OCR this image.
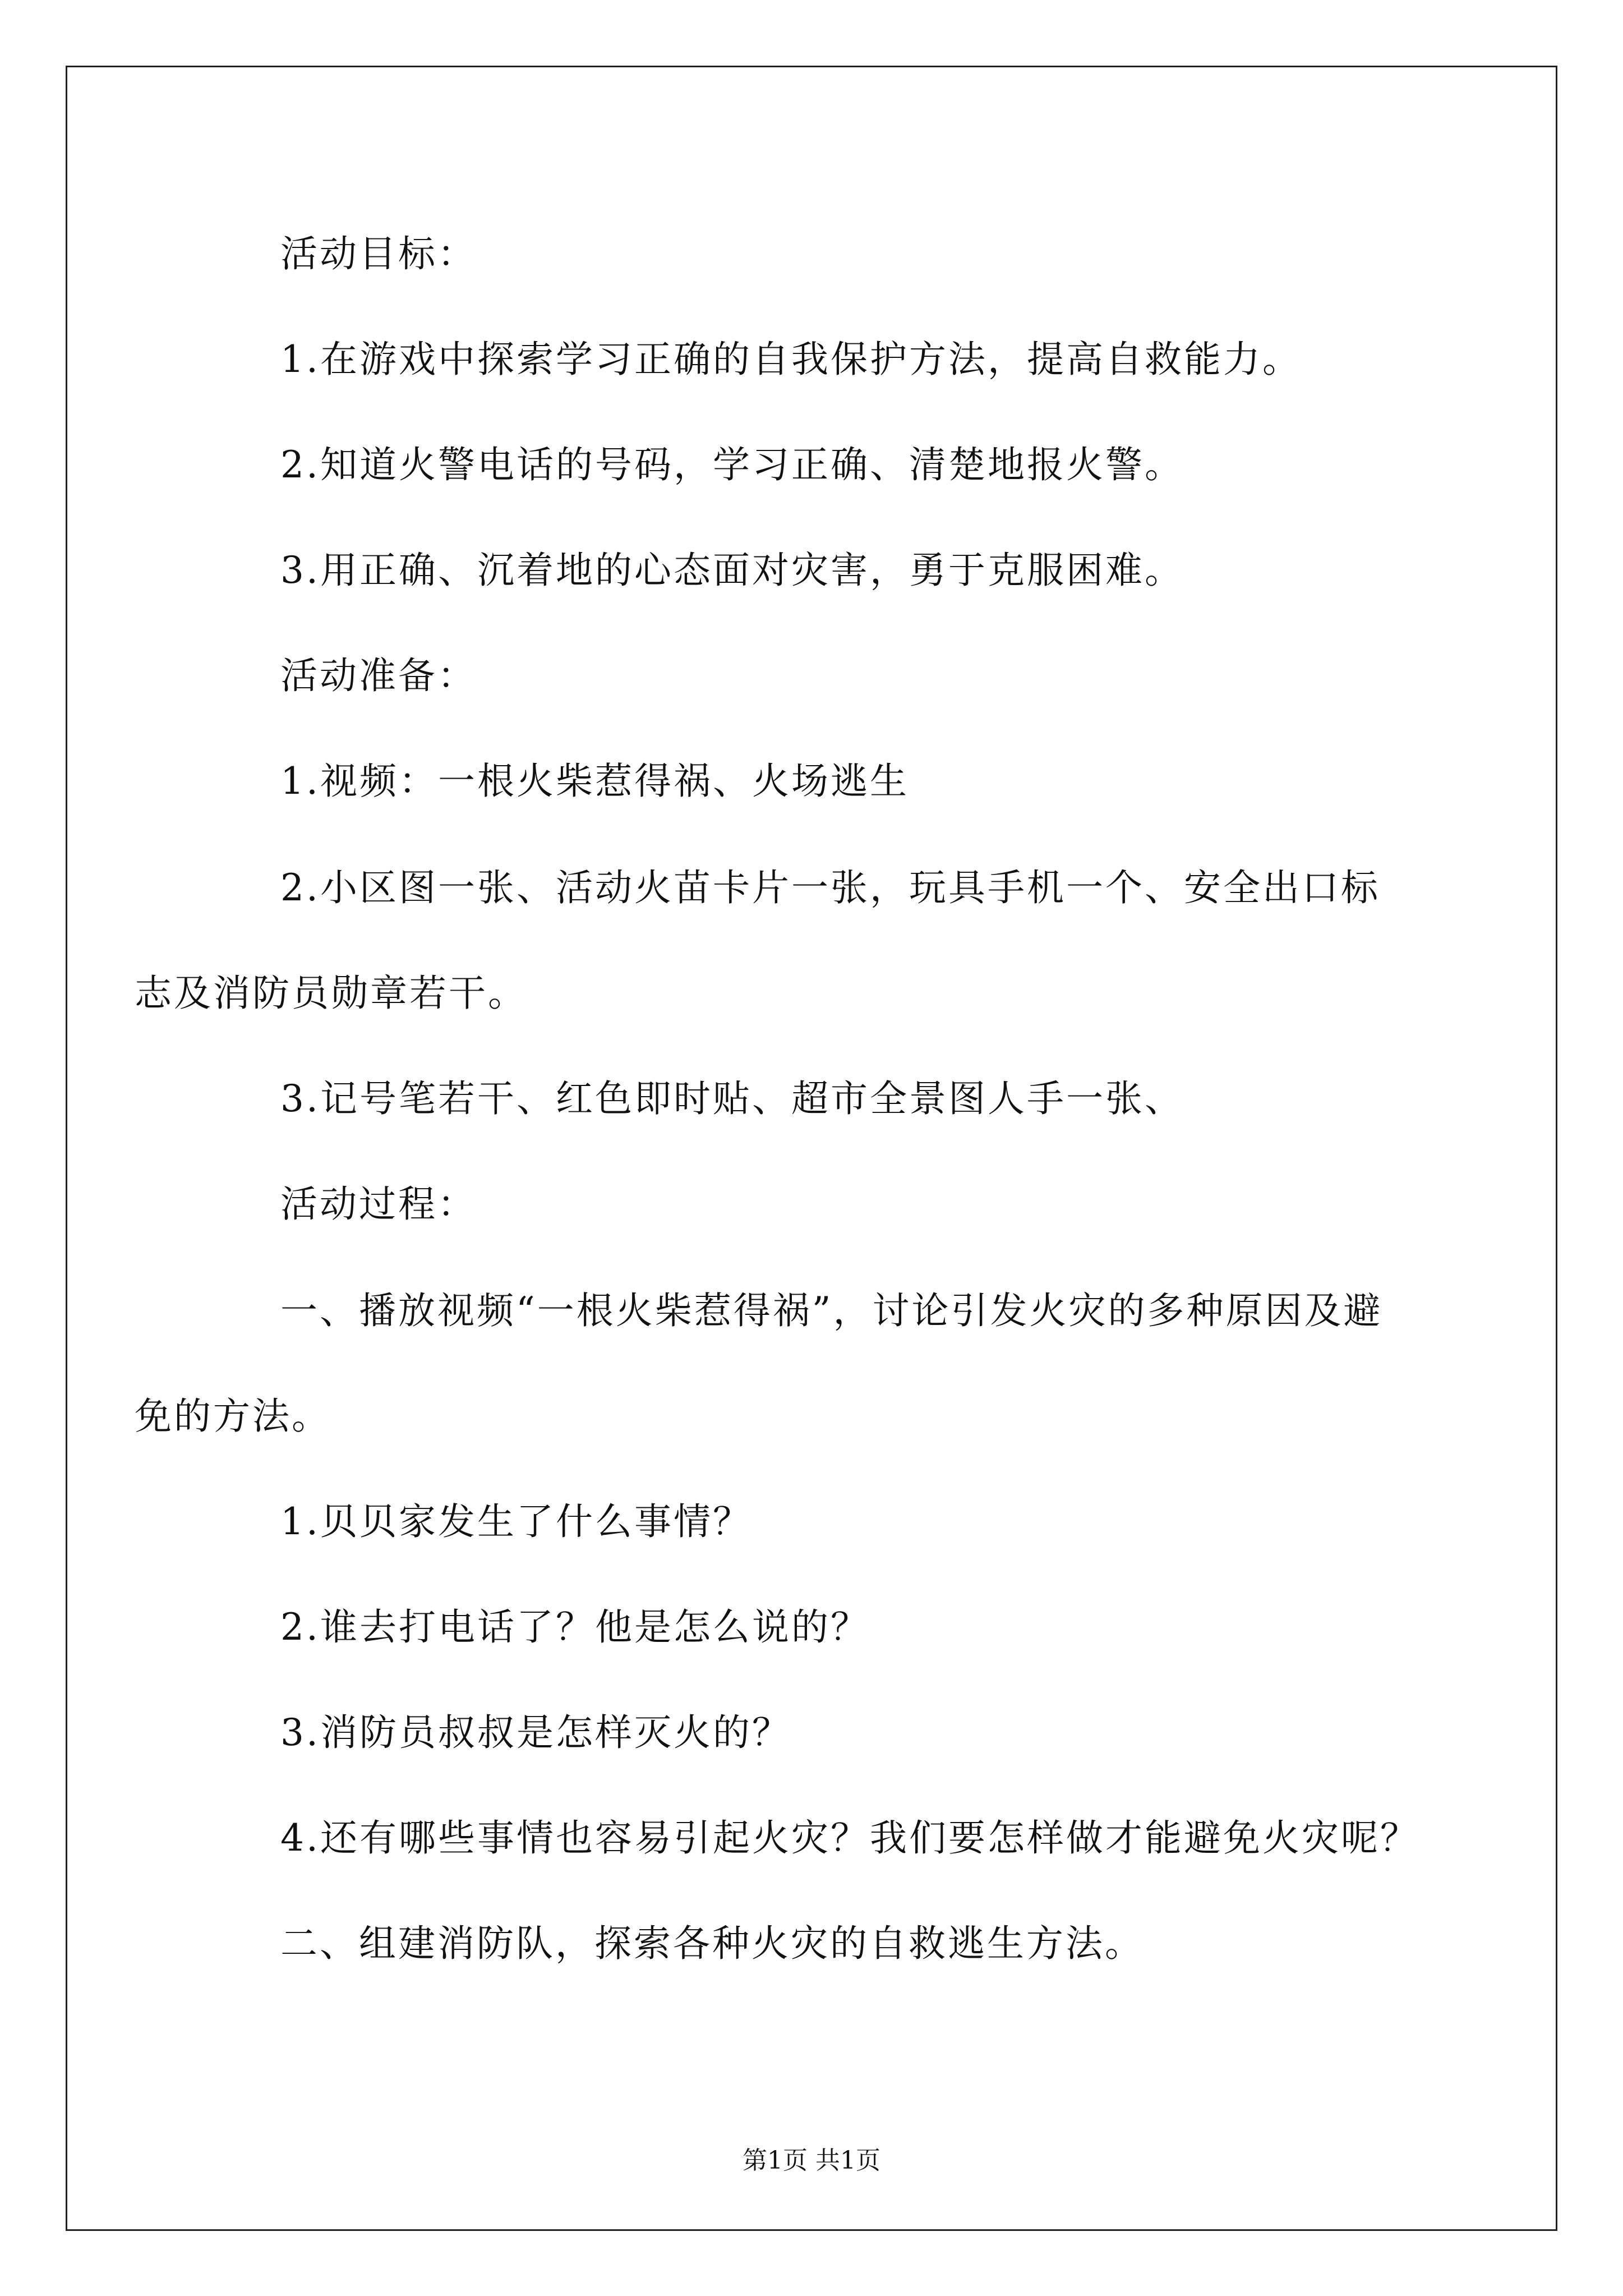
活动目标：
1.在游戏中探索学习正确的自我保护方法，提高自救能力。
2.知道火警电话的号码，学习正确、清楚地报火警。
3.用正确、沉着地的心态面对灾害，勇于克服困难。
活动准备：
1.视频：一根火柴惹得祸、火场逃生
2.小区图一张、活动火苗卡片一张，玩具手机一个、安全出口标
志及消防员勋章若干。
3.记号笔若干、红色即时贴、超市全景图人手一张、
活动过程：
一、播放视频“一根火柴惹得祸”，讨论引发火灾的多种原因及避
免的方法。
1.贝贝家发生了什么事情？
2.谁去打电话了？他是怎么说的？
3.消防员叔叔是怎样灭火的？
4.还有哪些事情也容易引起火灾？我们要怎样做才能避免火灾呢？
二、组建消防队，探索各种火灾的自救逃生方法。
第1页 共1页
